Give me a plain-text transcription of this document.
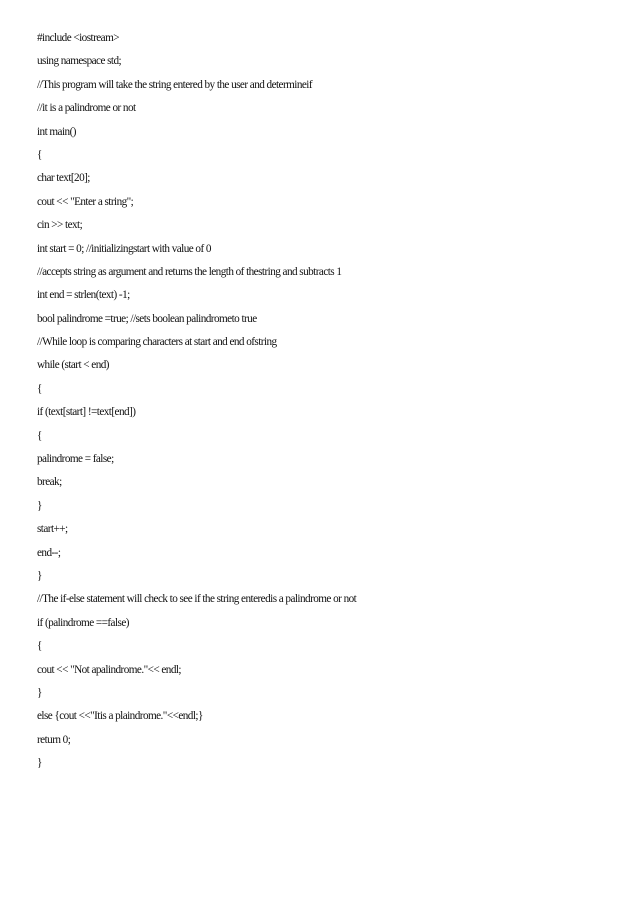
#include <iostream>
using namespace std;
//This program will take the string entered by the user and determineif
//it is a palindrome or not
int main()
{
char text[20];
cout << "Enter a string";
cin >> text;
int start = 0; //initializingstart with value of 0
//accepts string as argument and returns the length of thestring and subtracts 1
int end = strlen(text) -1;
bool palindrome =true; //sets boolean palindrometo true
//While loop is comparing characters at start and end ofstring
while (start < end)
{
if (text[start] !=text[end])
{
palindrome = false;
break;
}
start++;
end--;
}
//The if-else statement will check to see if the string enteredis a palindrome or not
if (palindrome ==false)
{
cout << "Not apalindrome."<< endl;
}
else {cout <<"Itis a plaindrome."<<endl;}
return 0;
}
